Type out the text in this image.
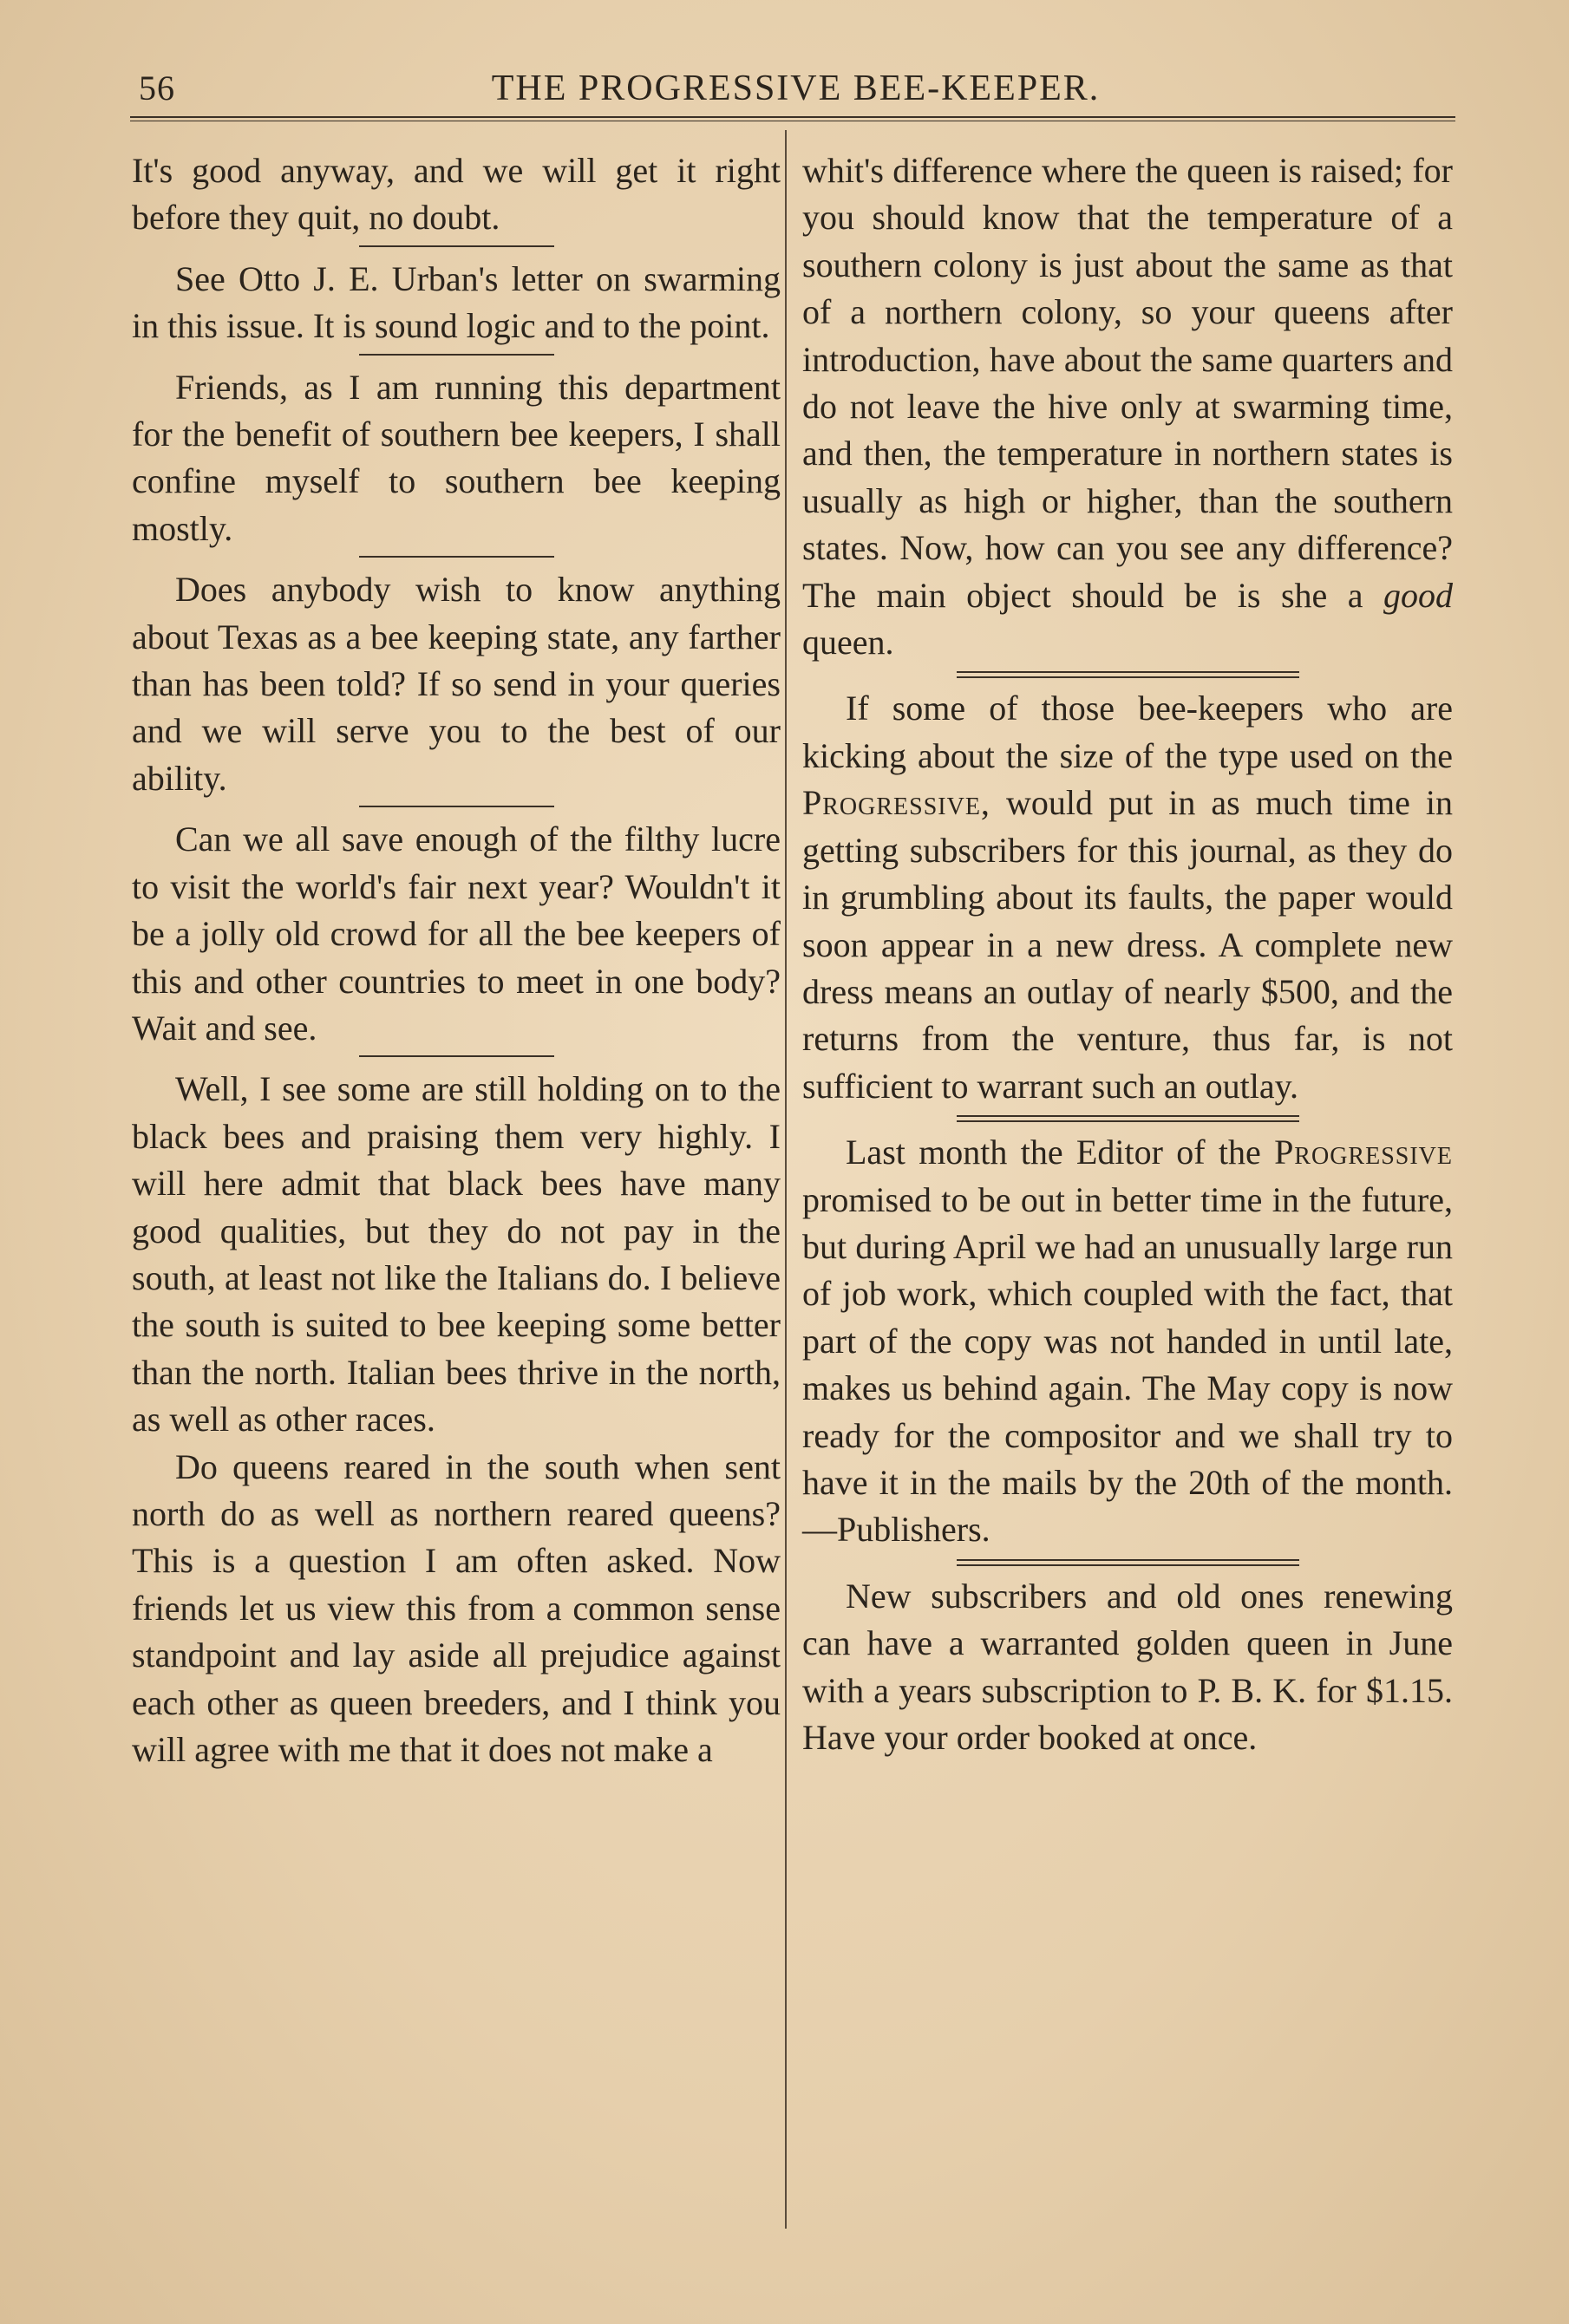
56	THE PROGRESSIVE BEE-KEEPER.

It's good anyway, and we will get it right before they quit, no doubt.

See Otto J. E. Urban's letter on swarming in this issue. It is sound logic and to the point.

Friends, as I am running this department for the benefit of southern bee keepers, I shall confine myself to southern bee keeping mostly.

Does anybody wish to know anything about Texas as a bee keeping state, any farther than has been told? If so send in your queries and we will serve you to the best of our ability.

Can we all save enough of the filthy lucre to visit the world's fair next year? Wouldn't it be a jolly old crowd for all the bee keepers of this and other countries to meet in one body? Wait and see.

Well, I see some are still holding on to the black bees and praising them very highly. I will here admit that black bees have many good qualities, but they do not pay in the south, at least not like the Italians do. I believe the south is suited to bee keeping some better than the north. Italian bees thrive in the north, as well as other races.

Do queens reared in the south when sent north do as well as northern reared queens? This is a question I am often asked. Now friends let us view this from a common sense standpoint and lay aside all prejudice against each other as queen breeders, and I think you will agree with me that it does not make a

whit's difference where the queen is raised; for you should know that the temperature of a southern colony is just about the same as that of a northern colony, so your queens after introduction, have about the same quarters and do not leave the hive only at swarming time, and then, the temperature in northern states is usually as high or higher, than the southern states. Now, how can you see any difference? The main object should be is she a good queen.

If some of those bee-keepers who are kicking about the size of the type used on the Progressive, would put in as much time in getting subscribers for this journal, as they do in grumbling about its faults, the paper would soon appear in a new dress. A complete new dress means an outlay of nearly $500, and the returns from the venture, thus far, is not sufficient to warrant such an outlay.

Last month the Editor of the Progressive promised to be out in better time in the future, but during April we had an unusually large run of job work, which coupled with the fact, that part of the copy was not handed in until late, makes us behind again. The May copy is now ready for the compositor and we shall try to have it in the mails by the 20th of the month. —Publishers.

New subscribers and old ones renewing can have a warranted golden queen in June with a years subscription to P. B. K. for $1.15. Have your order booked at once.
